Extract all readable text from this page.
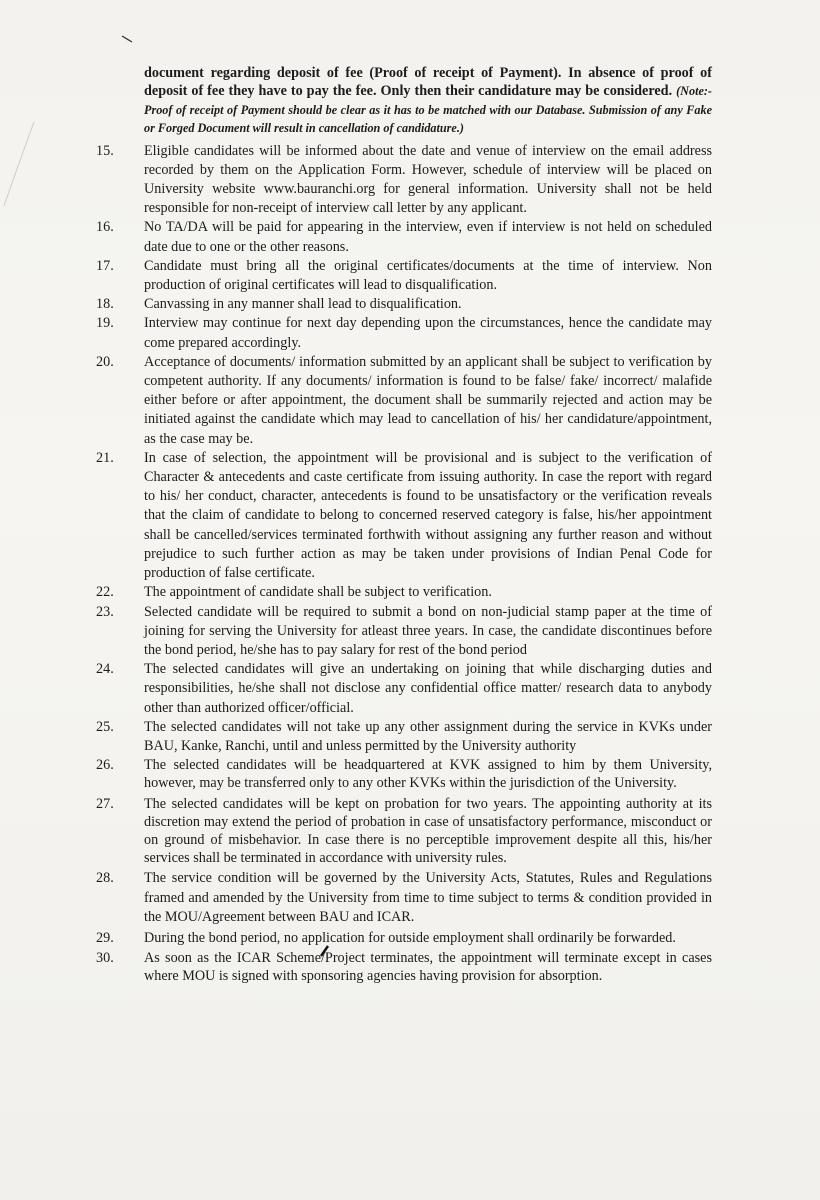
document regarding deposit of fee (Proof of receipt of Payment). In absence of proof of deposit of fee they have to pay the fee. Only then their candidature may be considered. (Note:-Proof of receipt of Payment should be clear as it has to be matched with our Database. Submission of any Fake or Forged Document will result in cancellation of candidature.)

15.	Eligible candidates will be informed about the date and venue of interview on the email address recorded by them on the Application Form. However, schedule of interview will be placed on University website www.bauranchi.org for general information. University shall not be held responsible for non-receipt of interview call letter by any applicant.
16.	No TA/DA will be paid for appearing in the interview, even if interview is not held on scheduled date due to one or the other reasons.
17.	Candidate must bring all the original certificates/documents at the time of interview. Non production of original certificates will lead to disqualification.
18.	Canvassing in any manner shall lead to disqualification.
19.	Interview may continue for next day depending upon the circumstances, hence the candidate may come prepared accordingly.
20.	Acceptance of documents/ information submitted by an applicant shall be subject to verification by competent authority. If any documents/ information is found to be false/ fake/ incorrect/ malafide either before or after appointment, the document shall be summarily rejected and action may be initiated against the candidate which may lead to cancellation of his/ her candidature/appointment, as the case may be.
21.	In case of selection, the appointment will be provisional and is subject to the verification of Character & antecedents and caste certificate from issuing authority. In case the report with regard to his/ her conduct, character, antecedents is found to be unsatisfactory or the verification reveals that the claim of candidate to belong to concerned reserved category is false, his/her appointment shall be cancelled/services terminated forthwith without assigning any further reason and without prejudice to such further action as may be taken under provisions of Indian Penal Code for production of false certificate.
22.	The appointment of candidate shall be subject to verification.
23.	Selected candidate will be required to submit a bond on non-judicial stamp paper at the time of joining for serving the University for atleast three years. In case, the candidate discontinues before the bond period, he/she has to pay salary for rest of the bond period
24.	The selected candidates will give an undertaking on joining that while discharging duties and responsibilities, he/she shall not disclose any confidential office matter/ research data to anybody other than authorized officer/official.
25.	The selected candidates will not take up any other assignment during the service in KVKs under BAU, Kanke, Ranchi, until and unless permitted by the University authority
26.	The selected candidates will be headquartered at KVK assigned to him by them University, however, may be transferred only to any other KVKs within the jurisdiction of the University.
27.	The selected candidates will be kept on probation for two years. The appointing authority at its discretion may extend the period of probation in case of unsatisfactory performance, misconduct or on ground of misbehavior. In case there is no perceptible improvement despite all this, his/her services shall be terminated in accordance with university rules.
28.	The service condition will be governed by the University Acts, Statutes, Rules and Regulations framed and amended by the University from time to time subject to terms & condition provided in the MOU/Agreement between BAU and ICAR.
29.	During the bond period, no application for outside employment shall ordinarily be forwarded.
30.	As soon as the ICAR Scheme/Project terminates, the appointment will terminate except in cases where MOU is signed with sponsoring agencies having provision for absorption.
